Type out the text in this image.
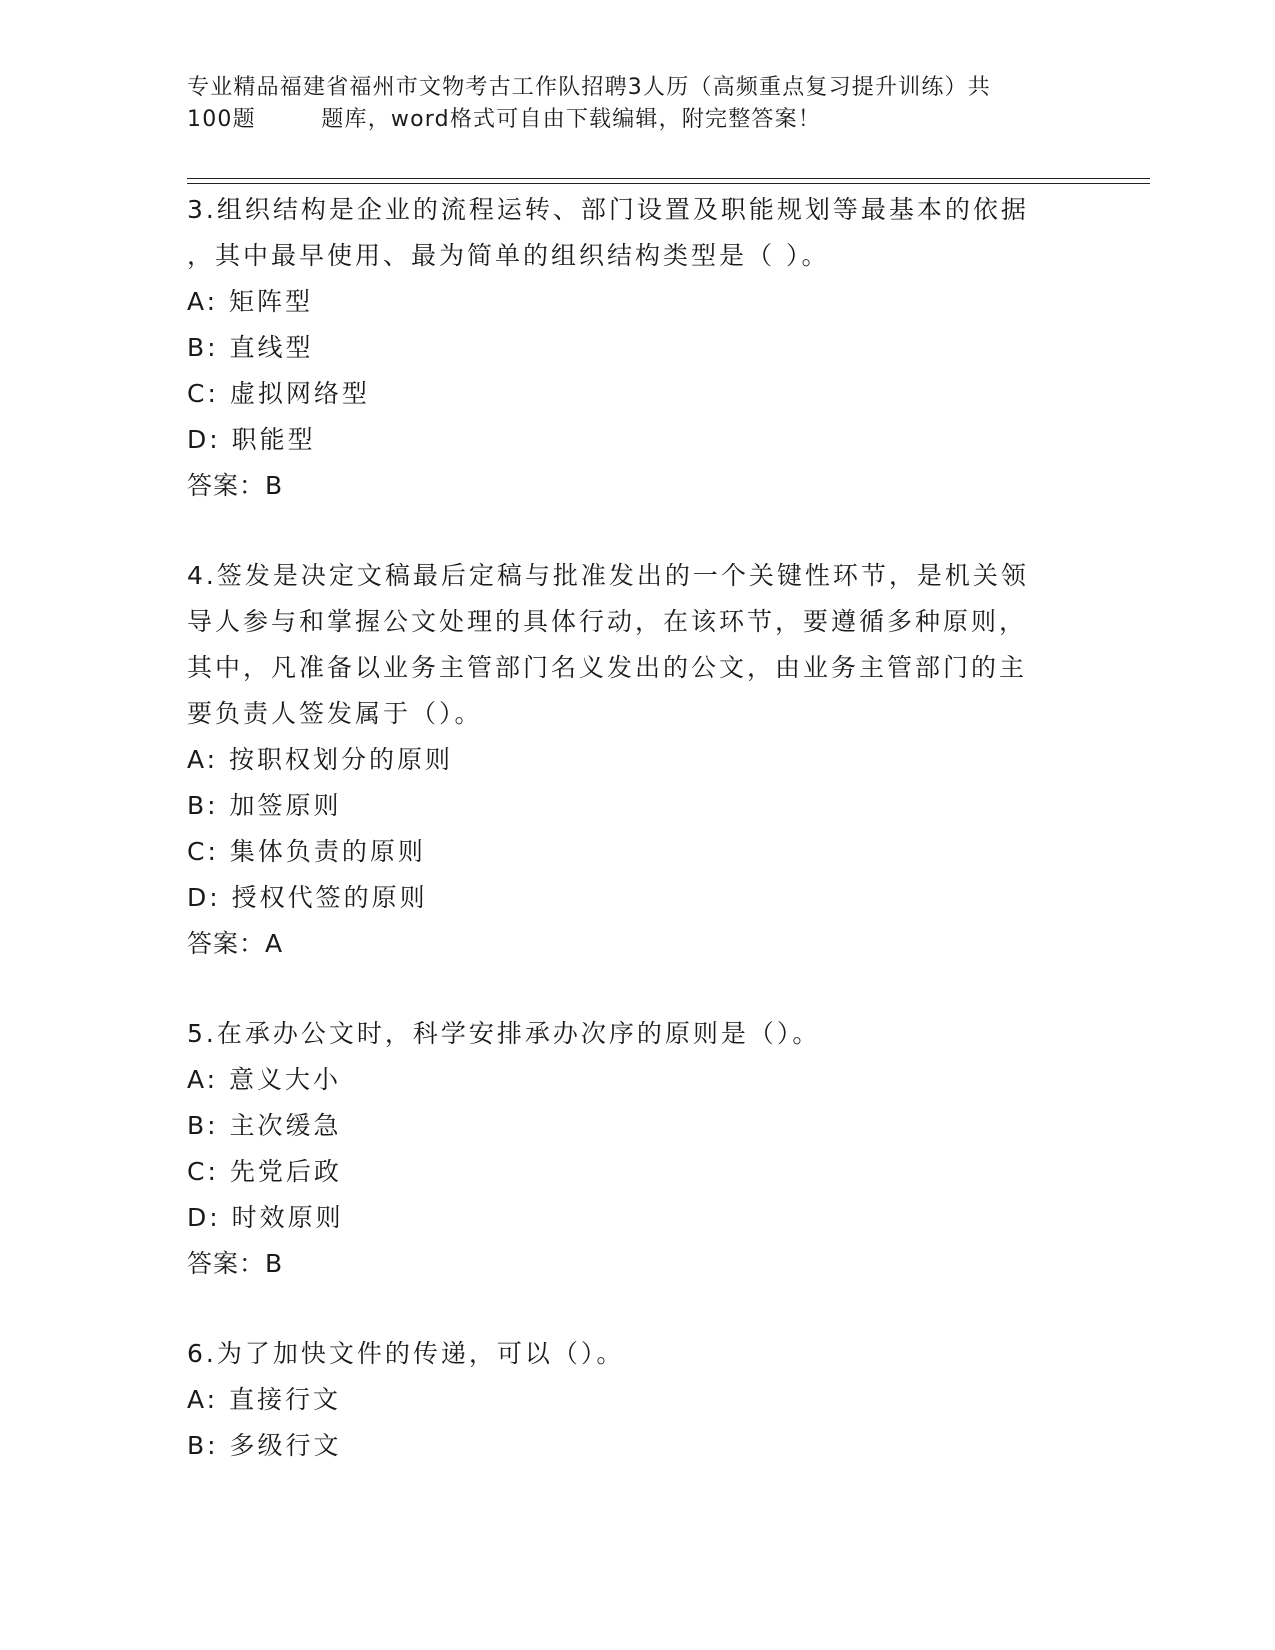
专业精品福建省福州市文物考古工作队招聘3人历（高频重点复习提升训练）共
100题        题库，word格式可自由下载编辑，附完整答案！
3.组织结构是企业的流程运转、部门设置及职能规划等最基本的依据
，其中最早使用、最为简单的组织结构类型是（ ）。
A: 矩阵型
B: 直线型
C: 虚拟网络型
D: 职能型
答案：B
4.签发是决定文稿最后定稿与批准发出的一个关键性环节，是机关领
导人参与和掌握公文处理的具体行动，在该环节，要遵循多种原则，
其中，凡准备以业务主管部门名义发出的公文，由业务主管部门的主
要负责人签发属于（）。
A: 按职权划分的原则
B: 加签原则
C: 集体负责的原则
D: 授权代签的原则
答案：A
5.在承办公文时，科学安排承办次序的原则是（）。
A: 意义大小
B: 主次缓急
C: 先党后政
D: 时效原则
答案：B
6.为了加快文件的传递，可以（）。
A: 直接行文
B: 多级行文
